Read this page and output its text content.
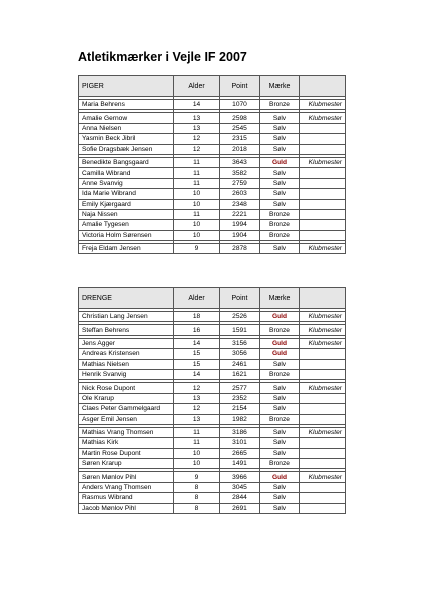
Atletikmærker i Vejle IF 2007
PIGER	Alder	Point	Mærke	

Maria Behrens	14	1070	Bronze	Klubmester

Amalie Gernow	13	2598	Sølv	Klubmester
Anna Nielsen	13	2545	Sølv	
Yasmin Beck Jibril	12	2315	Sølv	
Sofie Dragsbæk Jensen	12	2018	Sølv	

Benedikte Bangsgaard	11	3643	Guld	Klubmester
Camilla Wibrand	11	3582	Sølv	
Anne Svanvig	11	2759	Sølv	
Ida Marie Wibrand	10	2603	Sølv	
Emily Kjærgaard	10	2348	Sølv	
Naja Nissen	11	2221	Bronze	
Amalie Tygesen	10	1994	Bronze	
Victoria Holm Sørensen	10	1904	Bronze	

Freja Eldam Jensen	9	2878	Sølv	Klubmester
DRENGE	Alder	Point	Mærke	

Christian Lang Jensen	18	2526	Guld	Klubmester

Steffan Behrens	16	1591	Bronze	Klubmester

Jens Agger	14	3156	Guld	Klubmester
Andreas Kristensen	15	3056	Guld	
Mathias Nielsen	15	2461	Sølv	
Henrik Svanvig	14	1621	Bronze	

Nick Rose Dupont	12	2577	Sølv	Klubmester
Ole Krarup	13	2352	Sølv	
Claes Peter Gammelgaard	12	2154	Sølv	
Asger Emil Jensen	13	1982	Bronze	

Mathias Vrang Thomsen	11	3186	Sølv	Klubmester
Mathias Kirk	11	3101	Sølv	
Martin Rose Dupont	10	2665	Sølv	
Søren Krarup	10	1491	Bronze	

Søren Mønlov Pihl	9	3966	Guld	Klubmester
Anders Vrang Thomsen	8	3045	Sølv	
Rasmus Wibrand	8	2844	Sølv	
Jacob Mønlov Pihl	8	2691	Sølv	
